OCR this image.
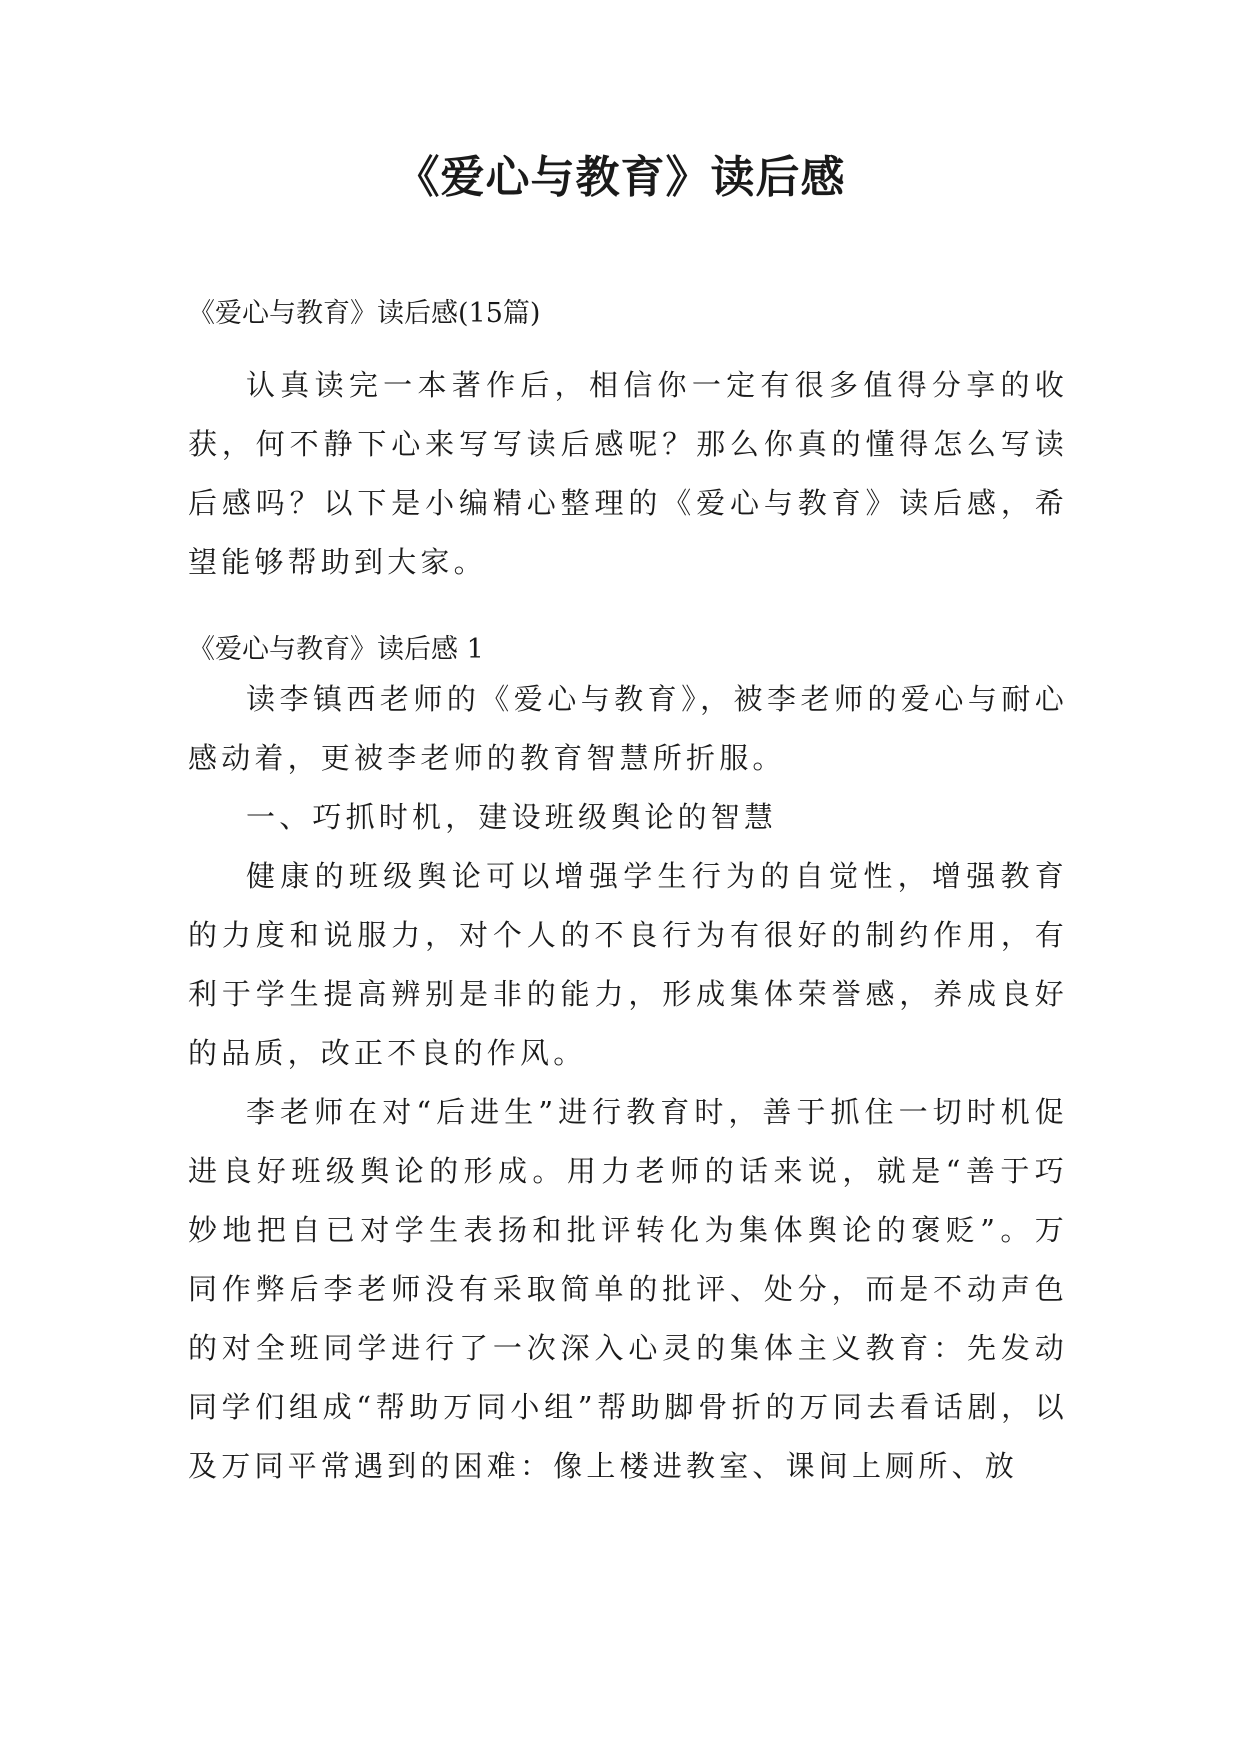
《爱心与教育》读后感
《爱心与教育》读后感(15篇)

认真读完一本著作后，相信你一定有很多值得分享的收获，何不静下心来写写读后感呢？那么你真的懂得怎么写读后感吗？以下是小编精心整理的《爱心与教育》读后感，希望能够帮助到大家。

《爱心与教育》读后感 1

读李镇西老师的《爱心与教育》，被李老师的爱心与耐心感动着，更被李老师的教育智慧所折服。

一、巧抓时机，建设班级舆论的智慧

健康的班级舆论可以增强学生行为的自觉性，增强教育的力度和说服力，对个人的不良行为有很好的制约作用，有利于学生提高辨别是非的能力，形成集体荣誉感，养成良好的品质，改正不良的作风。

李老师在对“后进生”进行教育时，善于抓住一切时机促进良好班级舆论的形成。用力老师的话来说，就是“善于巧妙地把自已对学生表扬和批评转化为集体舆论的褒贬”。万同作弊后李老师没有采取简单的批评、处分，而是不动声色的对全班同学进行了一次深入心灵的集体主义教育：先发动同学们组成“帮助万同小组”帮助脚骨折的万同去看话剧，以及万同平常遇到的困难：像上楼进教室、课间上厕所、放
